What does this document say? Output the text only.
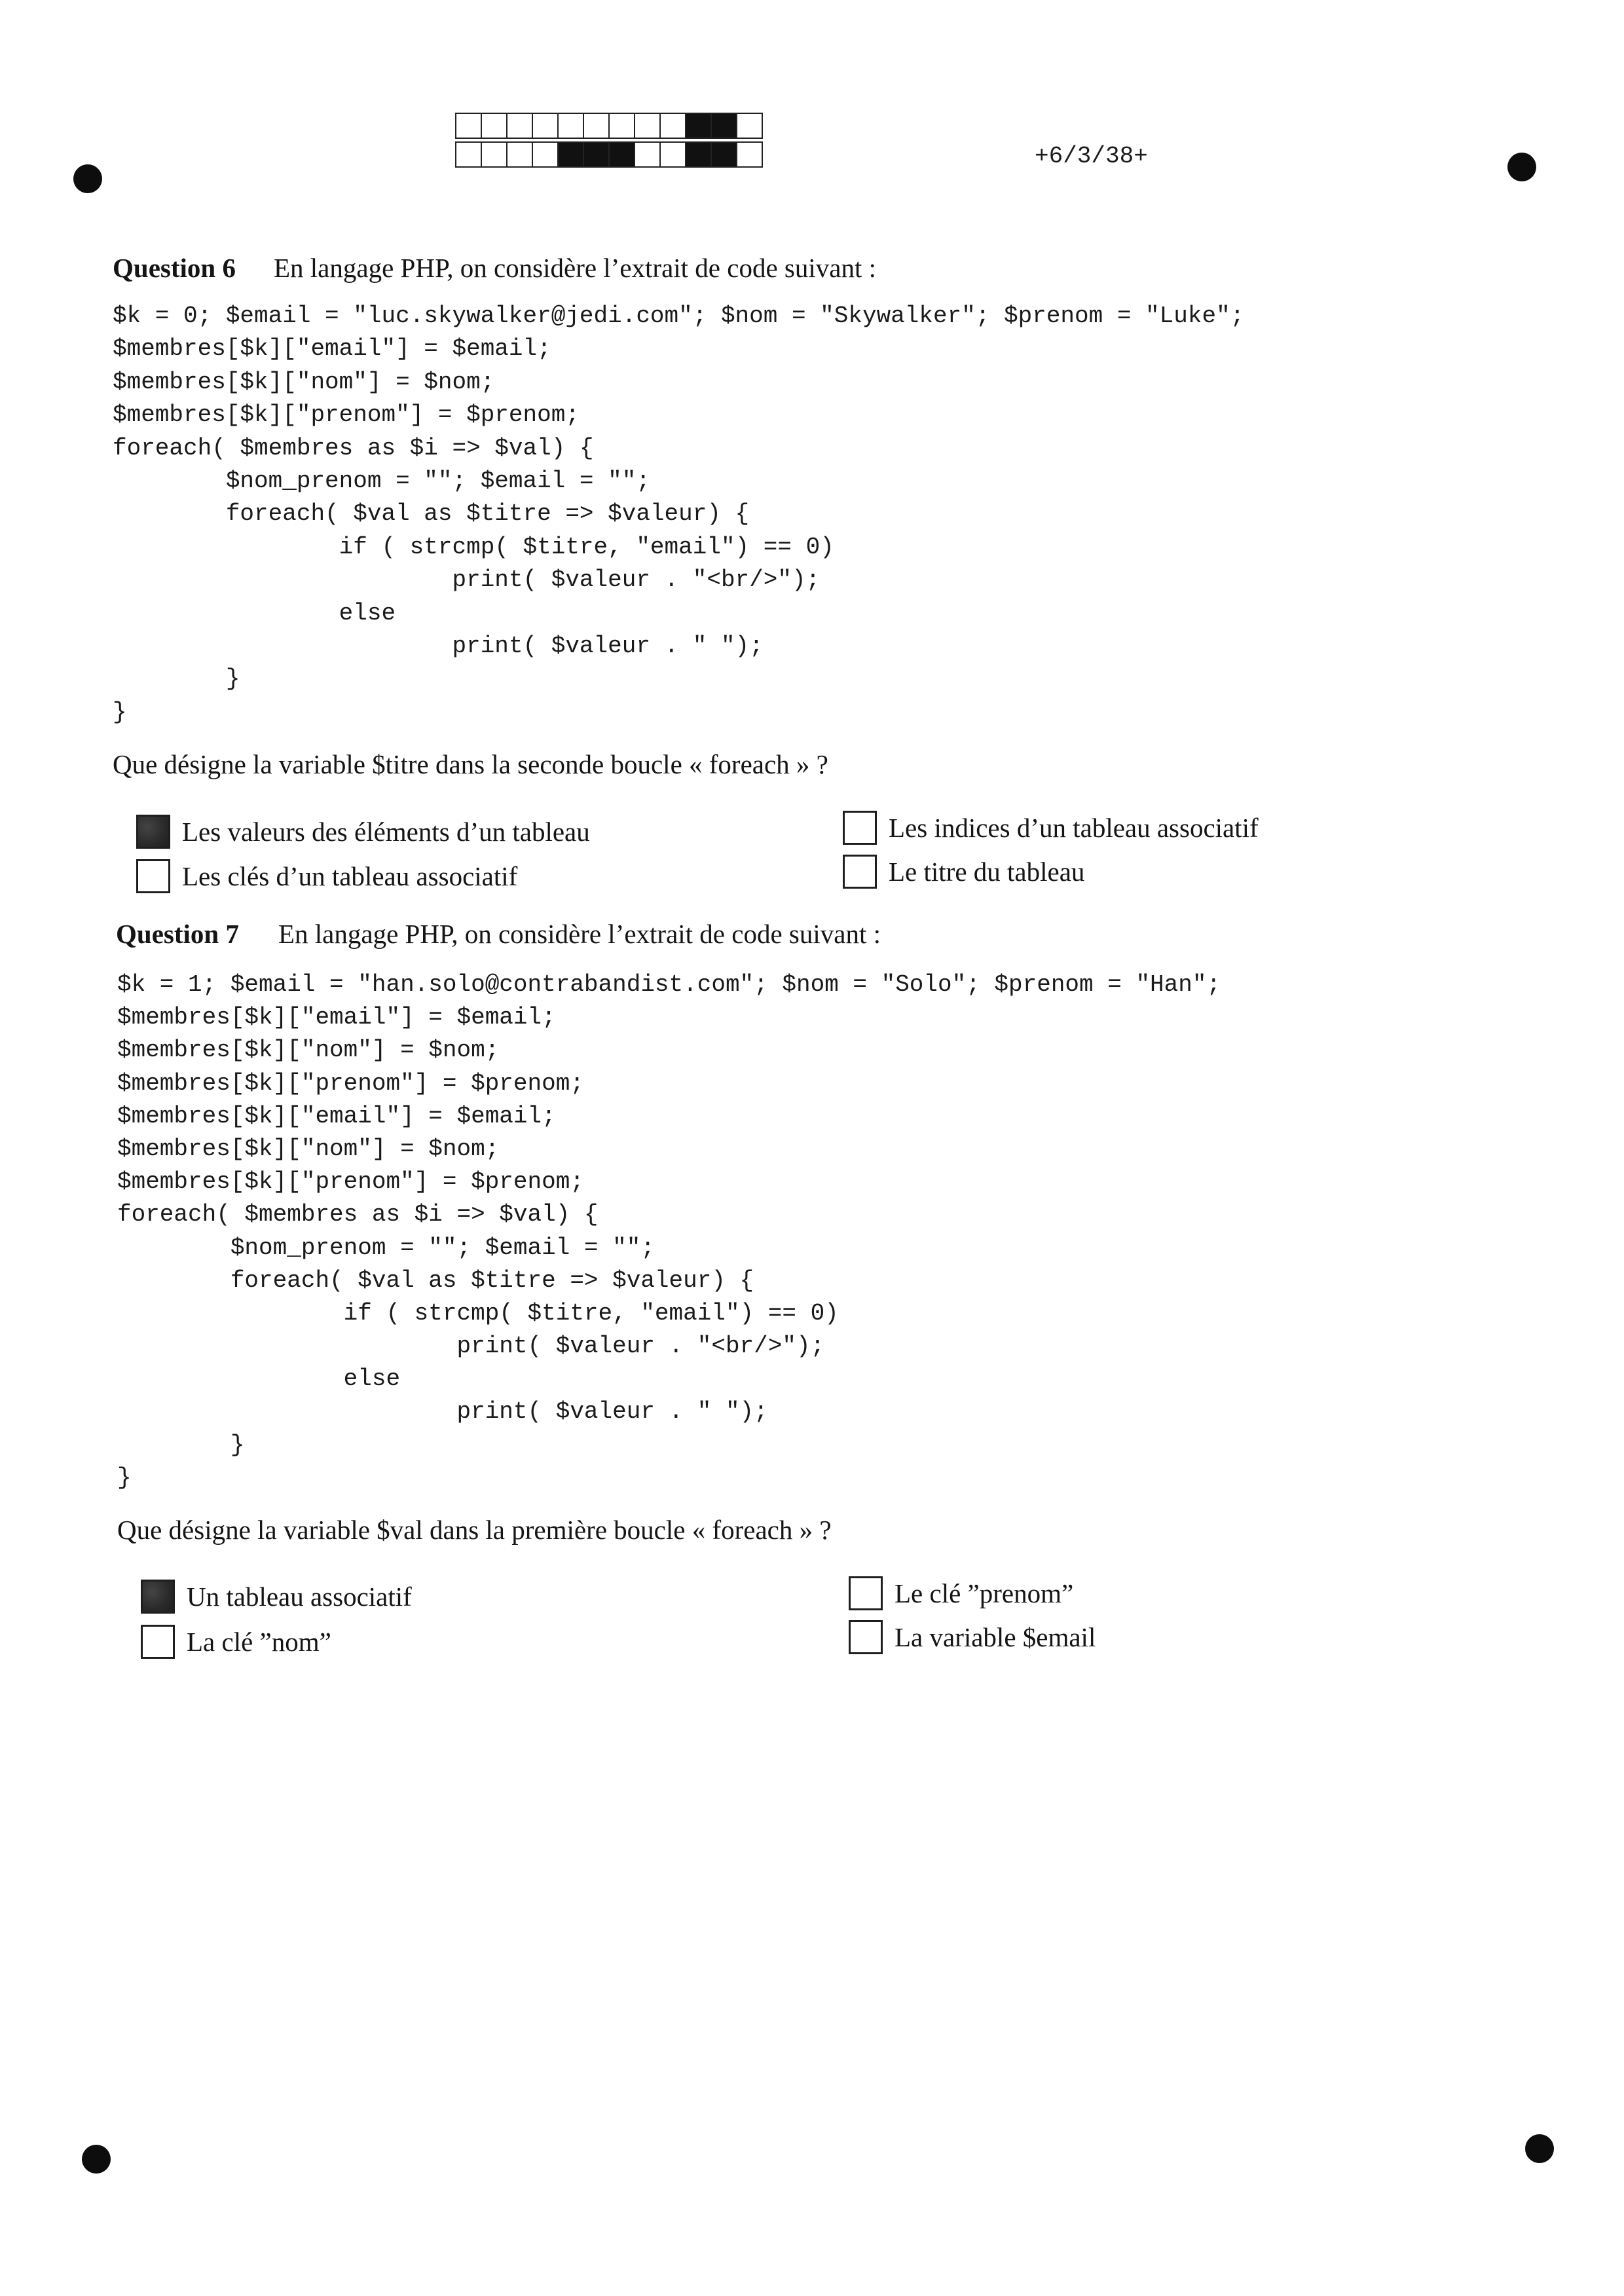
+6/3/38+
Question 6 En langage PHP, on considère l’extrait de code suivant :
$k = 0; $email = "luc.skywalker@jedi.com"; $nom = "Skywalker"; $prenom = "Luke";
$membres[$k]["email"] = $email;
$membres[$k]["nom"] = $nom;
$membres[$k]["prenom"] = $prenom;
foreach( $membres as $i => $val) {
$nom_prenom = ""; $email = "";
foreach( $val as $titre => $valeur) {
if ( strcmp( $titre, "email") == 0)
print( $valeur . "<br/>");
else
print( $valeur . " ");
}
}
Que désigne la variable $titre dans la seconde boucle « foreach » ?
Les valeurs des éléments d’un tableau
Les clés d’un tableau associatif
Les indices d’un tableau associatif
Le titre du tableau
Question 7 En langage PHP, on considère l’extrait de code suivant :
$k = 1; $email = "han.solo@contrabandist.com"; $nom = "Solo"; $prenom = "Han";
$membres[$k]["email"] = $email;
$membres[$k]["nom"] = $nom;
$membres[$k]["prenom"] = $prenom;
$membres[$k]["email"] = $email;
$membres[$k]["nom"] = $nom;
$membres[$k]["prenom"] = $prenom;
foreach( $membres as $i => $val) {
$nom_prenom = ""; $email = "";
foreach( $val as $titre => $valeur) {
if ( strcmp( $titre, "email") == 0)
print( $valeur . "<br/>");
else
print( $valeur . " ");
}
}
Que désigne la variable $val dans la première boucle « foreach » ?
Un tableau associatif
La clé ”nom”
Le clé ”prenom”
La variable $email
